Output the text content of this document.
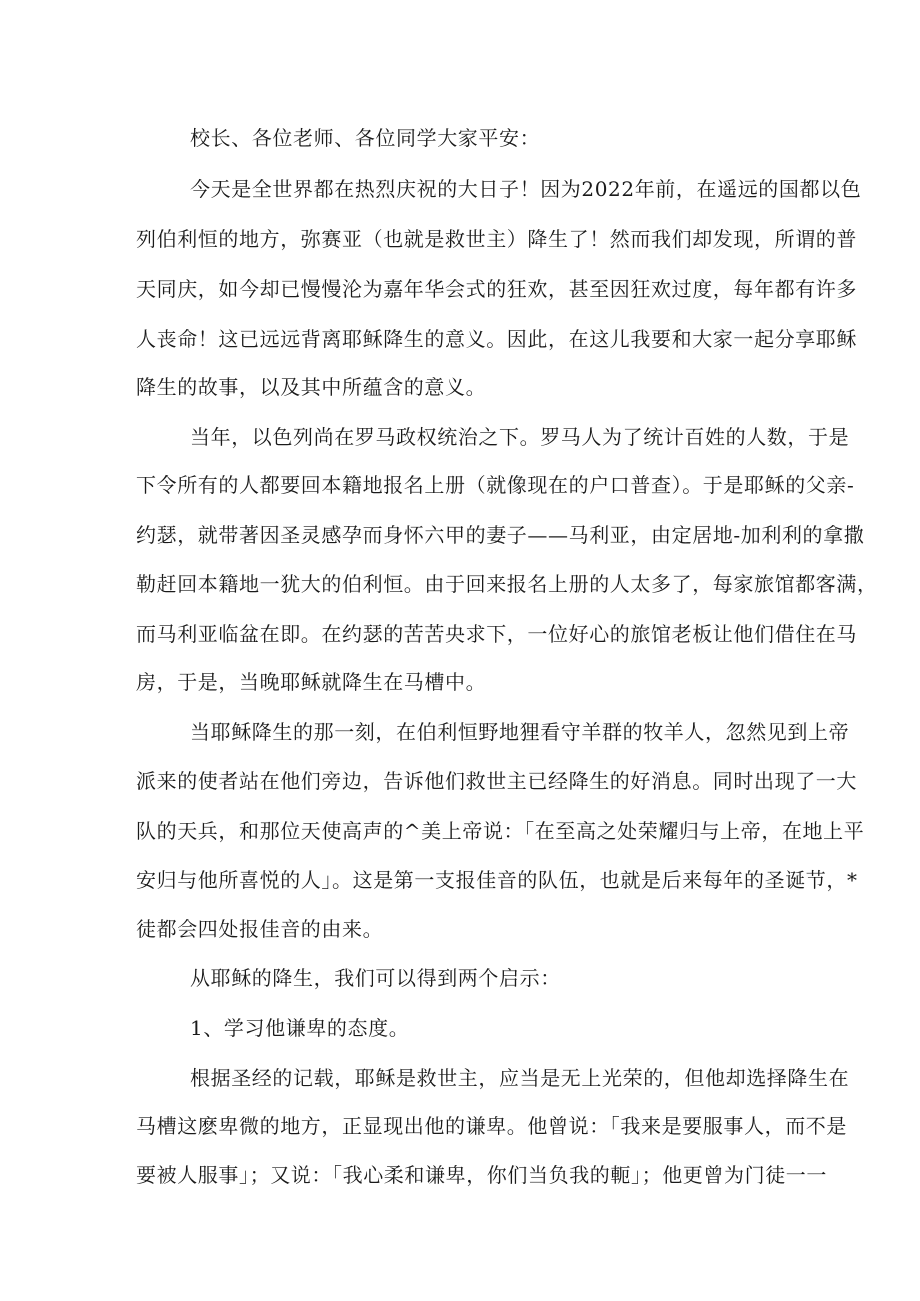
校长、各位老师、各位同学大家平安：

今天是全世界都在热烈庆祝的大日子！因为2022年前，在遥远的国都以色

列伯利恒的地方，弥赛亚（也就是救世主）降生了！然而我们却发现，所谓的普

天同庆，如今却已慢慢沦为嘉年华会式的狂欢，甚至因狂欢过度，每年都有许多

人丧命！这已远远背离耶稣降生的意义。因此，在这儿我要和大家一起分享耶稣

降生的故事，以及其中所蕴含的意义。

当年，以色列尚在罗马政权统治之下。罗马人为了统计百姓的人数，于是

下令所有的人都要回本籍地报名上册（就像现在的户口普查）。于是耶稣的父亲-

约瑟，就带著因圣灵感孕而身怀六甲的妻子——马利亚，由定居地-加利利的拿撒

勒赶回本籍地一犹大的伯利恒。由于回来报名上册的人太多了，每家旅馆都客满，

而马利亚临盆在即。在约瑟的苦苦央求下，一位好心的旅馆老板让他们借住在马

房，于是，当晚耶稣就降生在马槽中。

当耶稣降生的那一刻，在伯利恒野地狸看守羊群的牧羊人，忽然见到上帝

派来的使者站在他们旁边，告诉他们救世主已经降生的好消息。同时出现了一大

队的天兵，和那位天使高声的^美上帝说：「在至高之处荣耀归与上帝，在地上平

安归与他所喜悦的人」。这是第一支报佳音的队伍，也就是后来每年的圣诞节，*

徒都会四处报佳音的由来。

从耶稣的降生，我们可以得到两个启示：

1、学习他谦卑的态度。

根据圣经的记载，耶稣是救世主，应当是无上光荣的，但他却选择降生在

马槽这麽卑微的地方，正显现出他的谦卑。他曾说：「我来是要服事人，而不是

要被人服事」；又说：「我心柔和谦卑，你们当负我的軛」；他更曾为门徒一一
